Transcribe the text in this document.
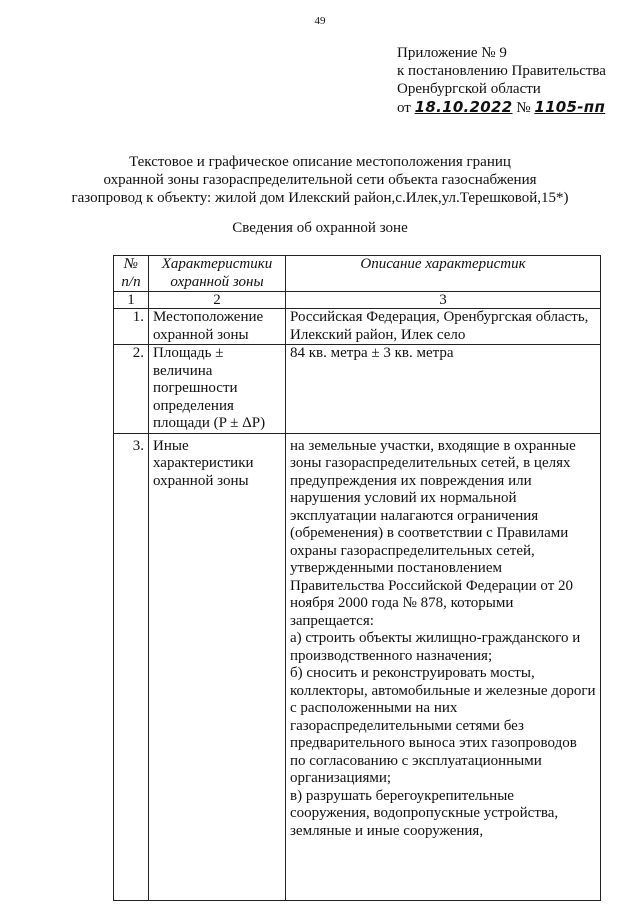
49
Приложение № 9
к постановлению Правительства
Оренбургской области
от 18.10.2022 № 1105-пп
Текстовое и графическое описание местоположения границ
охранной зоны газораспределительной сети объекта газоснабжения
газопровод к объекту: жилой дом Илекский район,с.Илек,ул.Терешковой,15*)
Сведения об охранной зоне
№ п/п	Характеристики охранной зоны	Описание характеристик
1	2	3
1.	Местоположение охранной зоны	Российская Федерация, Оренбургская область, Илекский район, Илек село
2.	Площадь ± величина погрешности определения площади (P ± ΔP)	84 кв. метра ± 3 кв. метра
3.	Иные характеристики охранной зоны	на земельные участки, входящие в охранные зоны газораспределительных сетей, в целях предупреждения их повреждения или нарушения условий их нормальной эксплуатации налагаются ограничения (обременения) в соответствии с Правилами охраны газораспределительных сетей, утвержденными постановлением Правительства Российской Федерации от 20 ноября 2000 года № 878, которыми запрещается:
а) строить объекты жилищно-гражданского и производственного назначения;
б) сносить и реконструировать мосты, коллекторы, автомобильные и железные дороги с расположенными на них газораспределительными сетями без предварительного выноса этих газопроводов по согласованию с эксплуатационными организациями;
в) разрушать берегоукрепительные сооружения, водопропускные устройства, земляные и иные сооружения,
